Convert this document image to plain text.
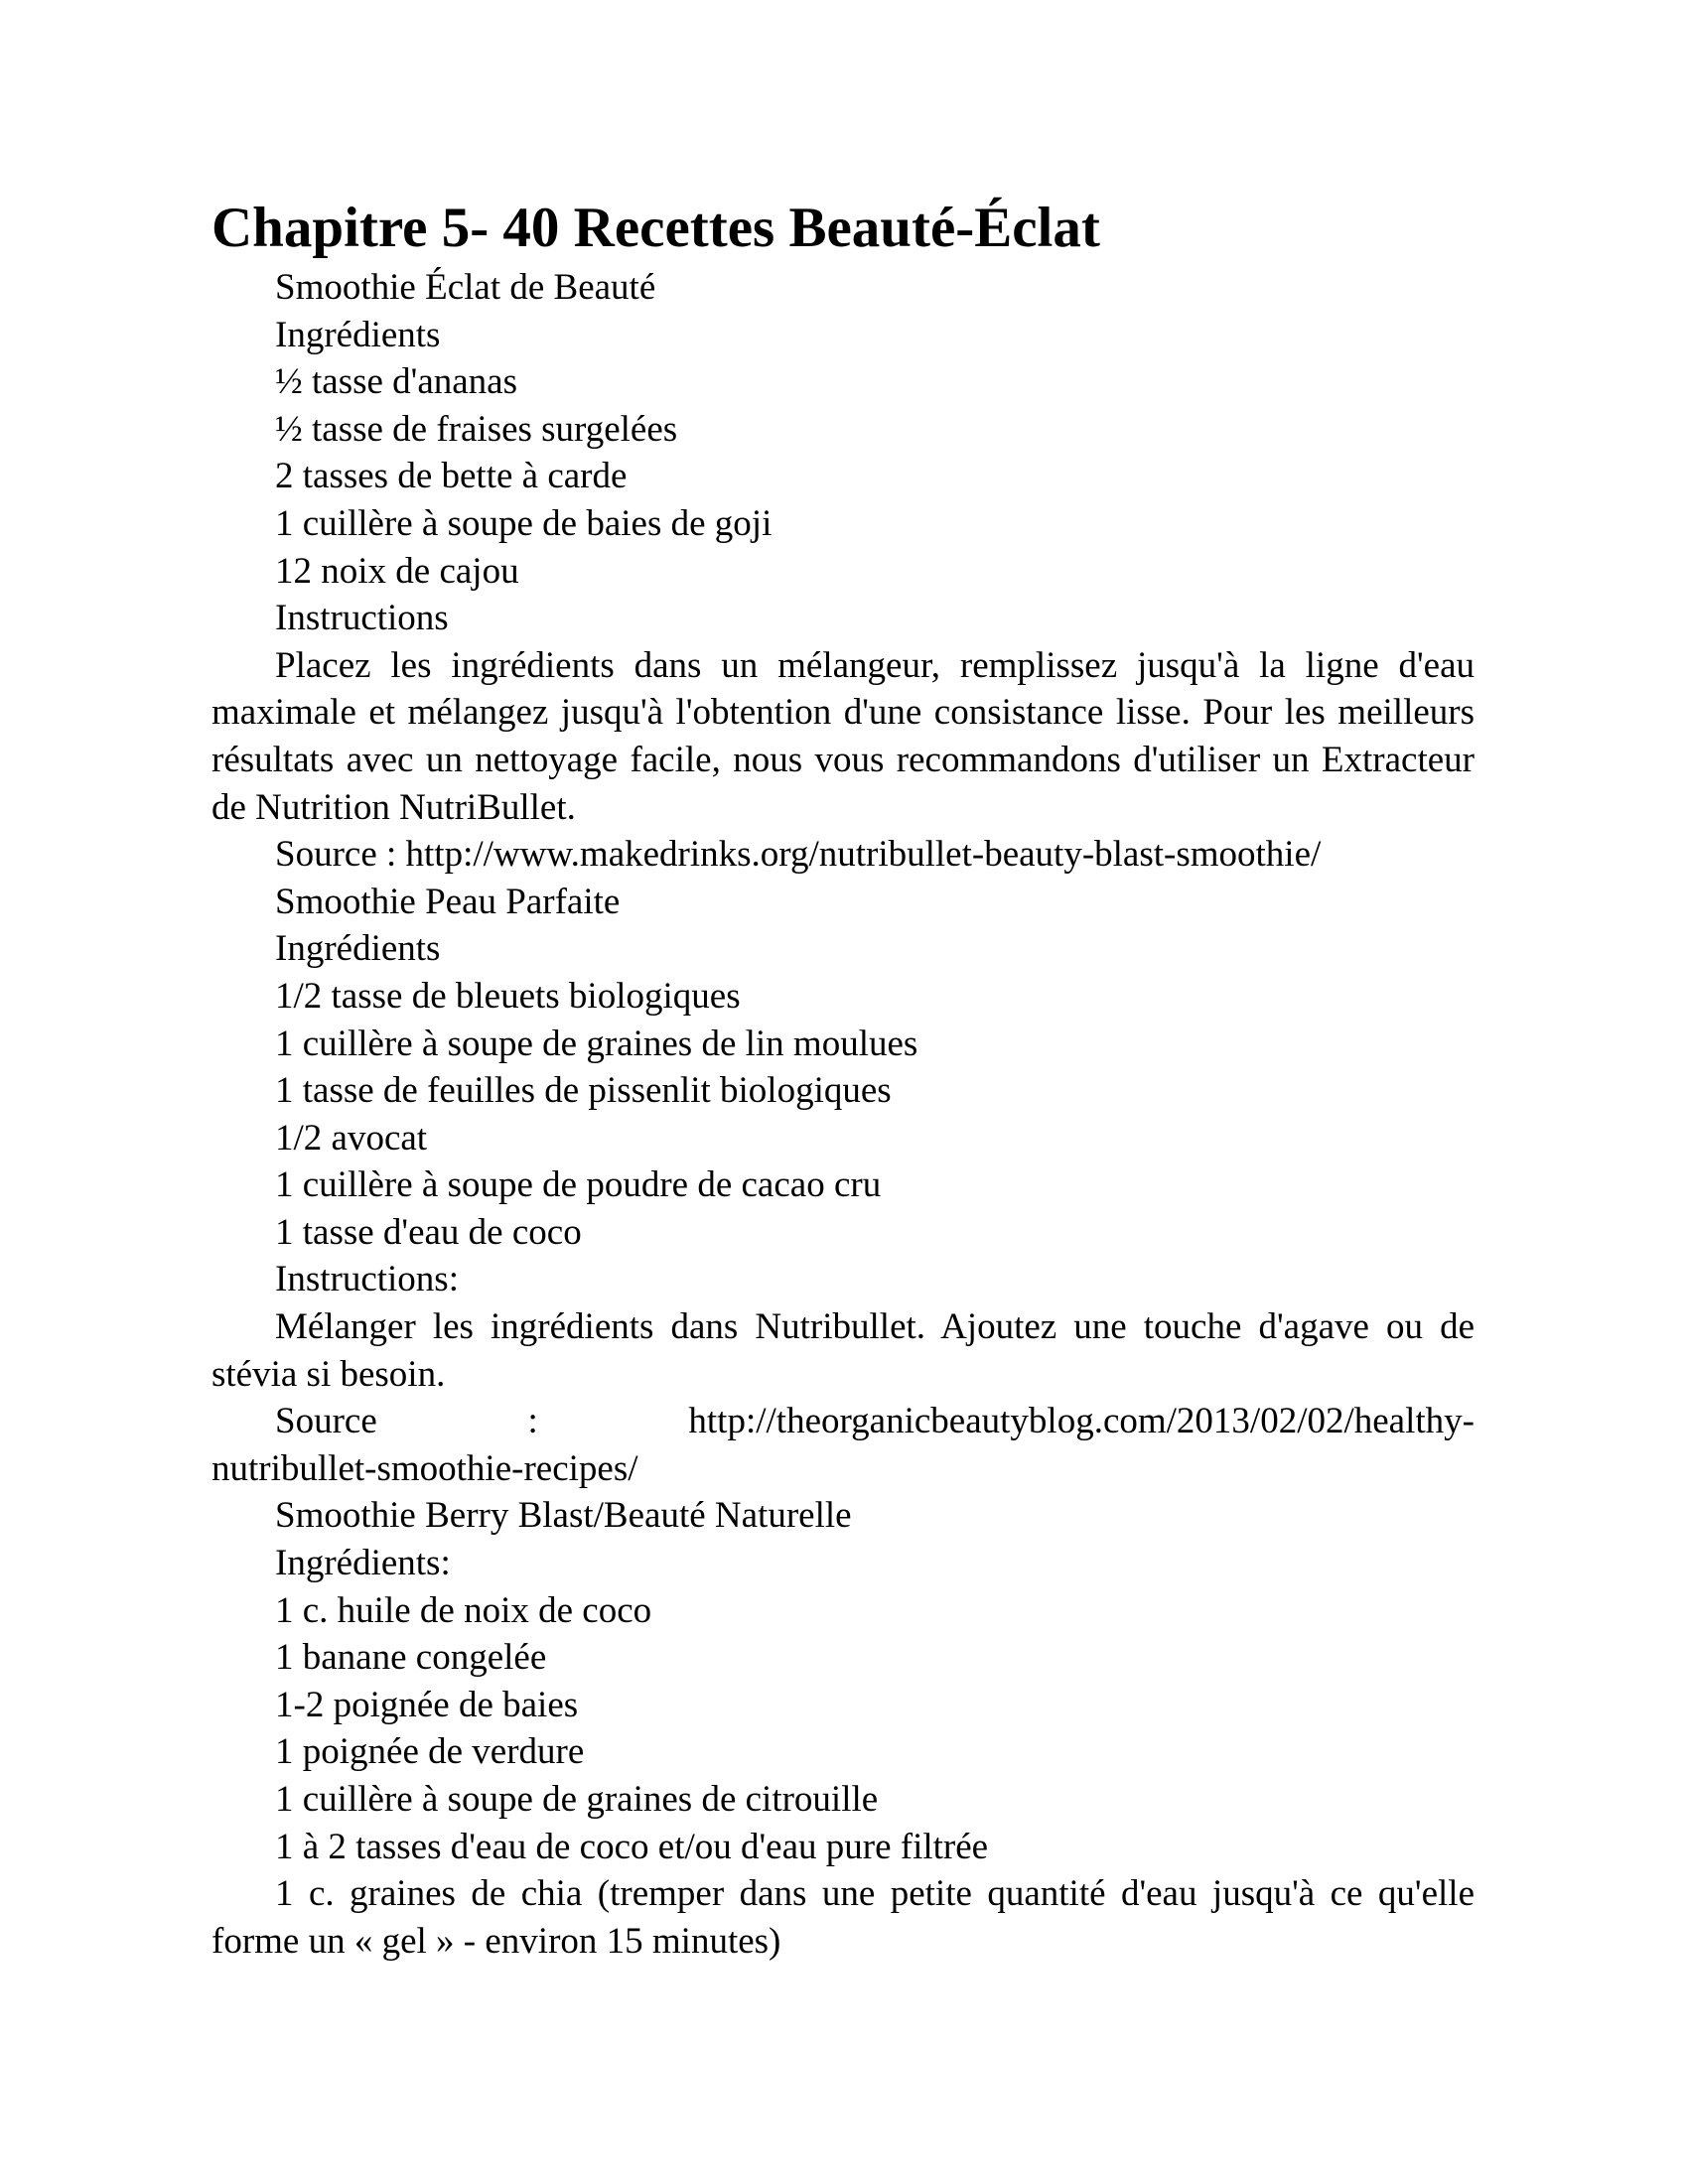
Chapitre 5- 40 Recettes Beauté-Éclat

Smoothie Éclat de Beauté

Ingrédients

½ tasse d'ananas

½ tasse de fraises surgelées

2 tasses de bette à carde

1 cuillère à soupe de baies de goji

12 noix de cajou

Instructions

Placez les ingrédients dans un mélangeur, remplissez jusqu'à la ligne d'eau maximale et mélangez jusqu'à l'obtention d'une consistance lisse. Pour les meilleurs résultats avec un nettoyage facile, nous vous recommandons d'utiliser un Extracteur de Nutrition NutriBullet.

Source : http://www.makedrinks.org/nutribullet-beauty-blast-smoothie/

Smoothie Peau Parfaite

Ingrédients

1/2 tasse de bleuets biologiques

1 cuillère à soupe de graines de lin moulues

1 tasse de feuilles de pissenlit biologiques

1/2 avocat

1 cuillère à soupe de poudre de cacao cru

1 tasse d'eau de coco

Instructions:

Mélanger les ingrédients dans Nutribullet. Ajoutez une touche d'agave ou de stévia si besoin.

Source	:	http://theorganicbeautyblog.com/2013/02/02/healthy-
nutribullet-smoothie-recipes/

Smoothie Berry Blast/Beauté Naturelle

Ingrédients:

1 c. huile de noix de coco

1 banane congelée

1-2 poignée de baies

1 poignée de verdure

1 cuillère à soupe de graines de citrouille

1 à 2 tasses d'eau de coco et/ou d'eau pure filtrée

1 c. graines de chia (tremper dans une petite quantité d'eau jusqu'à ce qu'elle forme un « gel » - environ 15 minutes)
